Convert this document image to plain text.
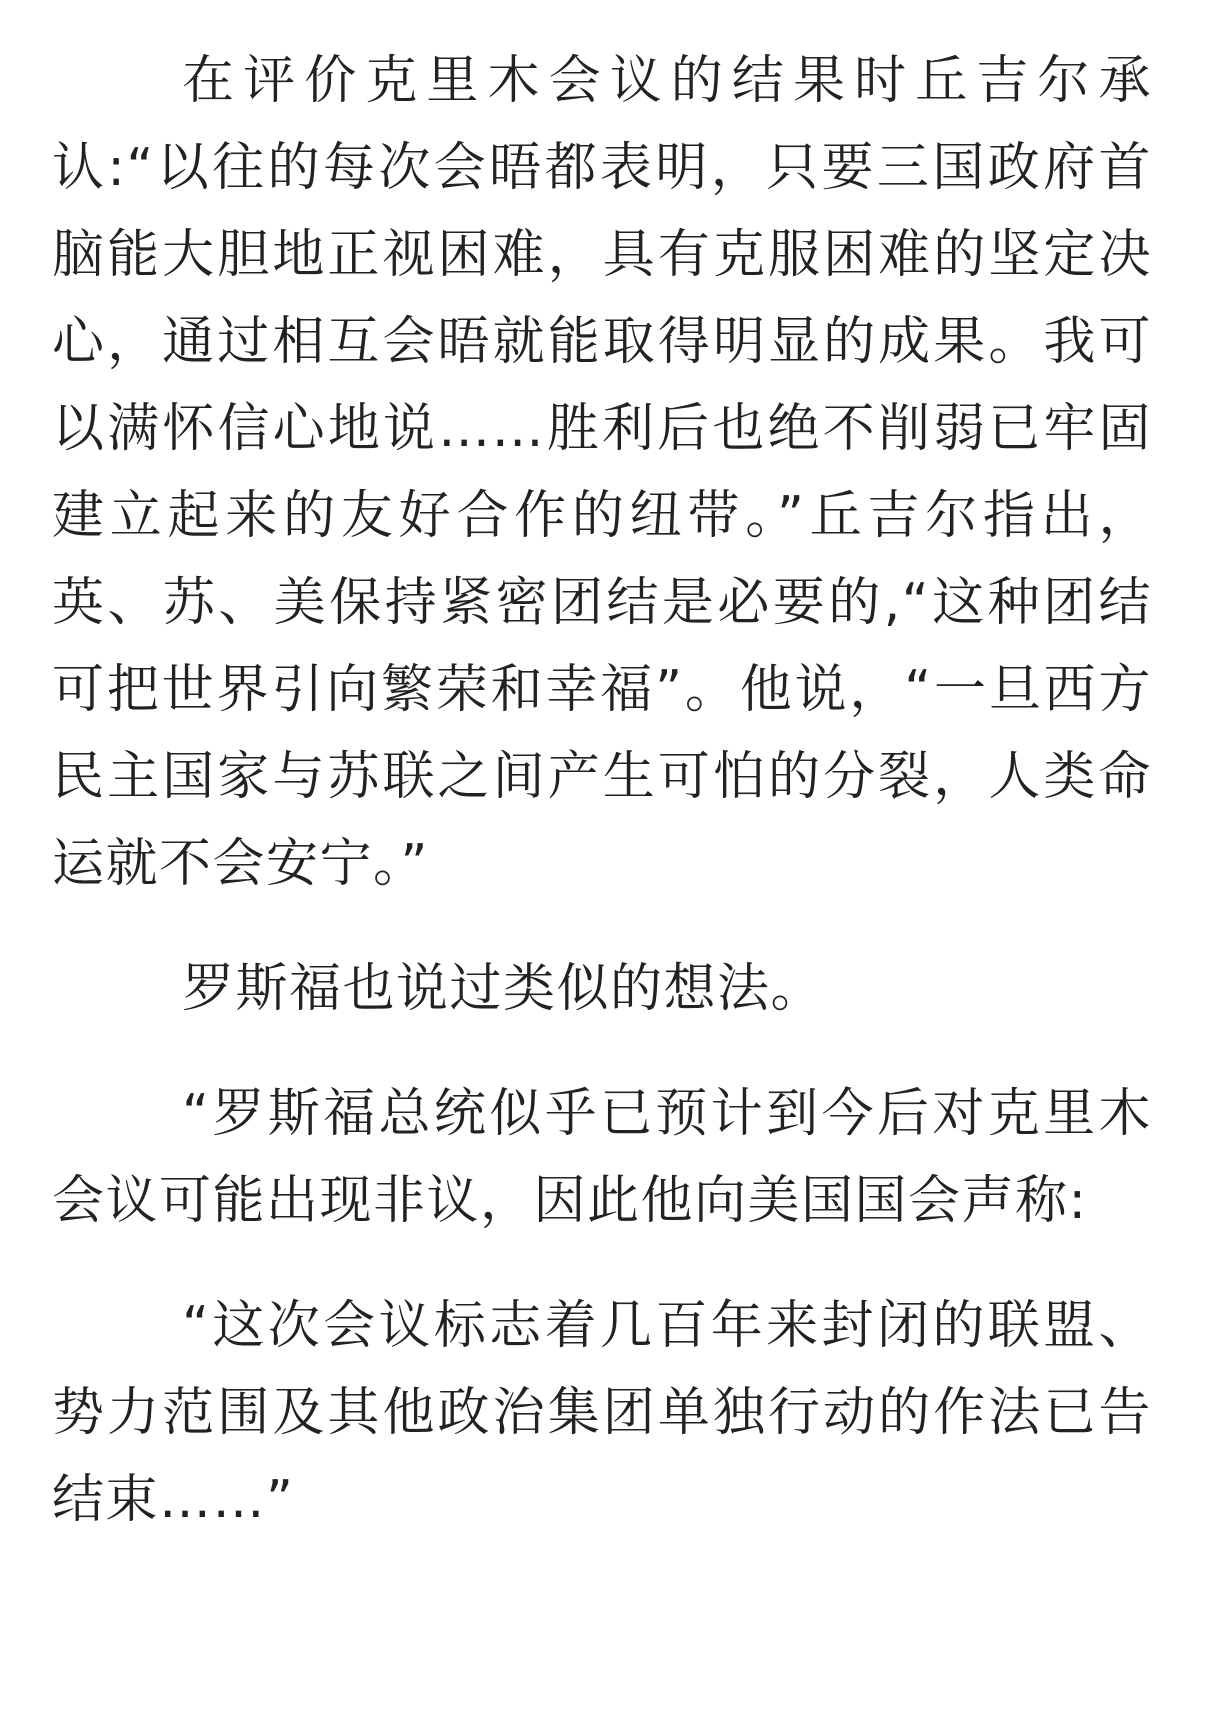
在评价克里木会议的结果时丘吉尔承认:“以往的每次会晤都表明，只要三国政府首脑能大胆地正视困难，具有克服困难的坚定决心，通过相互会晤就能取得明显的成果。我可以满怀信心地说……胜利后也绝不削弱已牢固建立起来的友好合作的纽带。”丘吉尔指出，英、苏、美保持紧密团结是必要的,“这种团结可把世界引向繁荣和幸福”。他说，“一旦西方民主国家与苏联之间产生可怕的分裂，人类命运就不会安宁。”

罗斯福也说过类似的想法。

“罗斯福总统似乎已预计到今后对克里木会议可能出现非议，因此他向美国国会声称:

“这次会议标志着几百年来封闭的联盟、势力范围及其他政治集团单独行动的作法已告结束……”
